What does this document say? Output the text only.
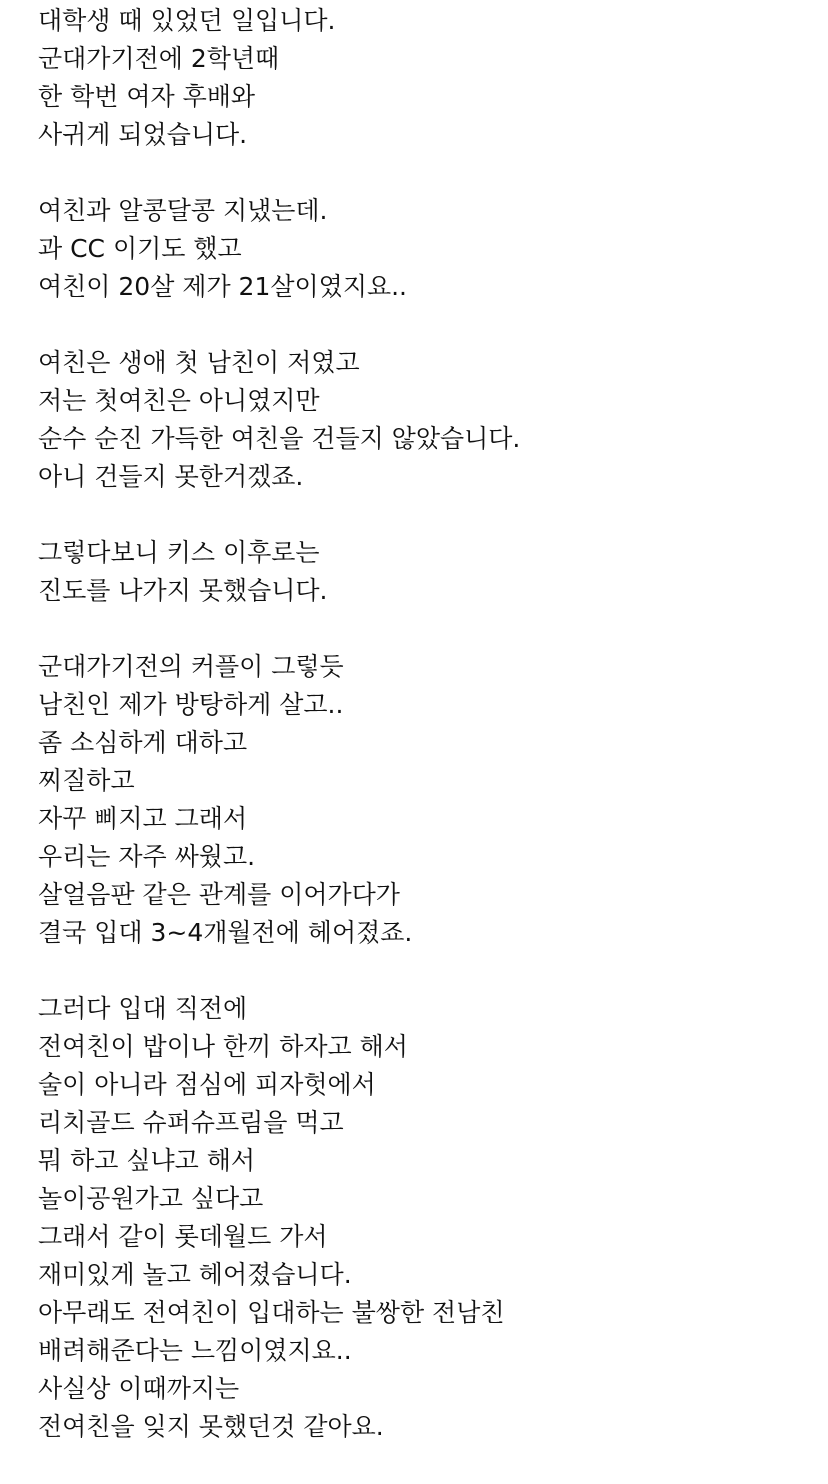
대학생 때 있었던 일입니다.
군대가기전에 2학년때
한 학번 여자 후배와
사귀게 되었습니다.
여친과 알콩달콩 지냈는데.
과 CC 이기도 했고
여친이 20살 제가 21살이였지요..
여친은 생애 첫 남친이 저였고
저는 첫여친은 아니였지만
순수 순진 가득한 여친을 건들지 않았습니다.
아니 건들지 못한거겠죠.
그렇다보니 키스 이후로는
진도를 나가지 못했습니다.
군대가기전의 커플이 그렇듯
남친인 제가 방탕하게 살고..
좀 소심하게 대하고
찌질하고
자꾸 삐지고 그래서
우리는 자주 싸웠고.
살얼음판 같은 관계를 이어가다가
결국 입대 3~4개월전에 헤어졌죠.
그러다 입대 직전에
전여친이 밥이나 한끼 하자고 해서
술이 아니라 점심에 피자헛에서
리치골드 슈퍼슈프림을 먹고
뭐 하고 싶냐고 해서
놀이공원가고 싶다고
그래서 같이 롯데월드 가서
재미있게 놀고 헤어졌습니다.
아무래도 전여친이 입대하는 불쌍한 전남친
배려해준다는 느낌이였지요..
사실상 이때까지는
전여친을 잊지 못했던것 같아요.
